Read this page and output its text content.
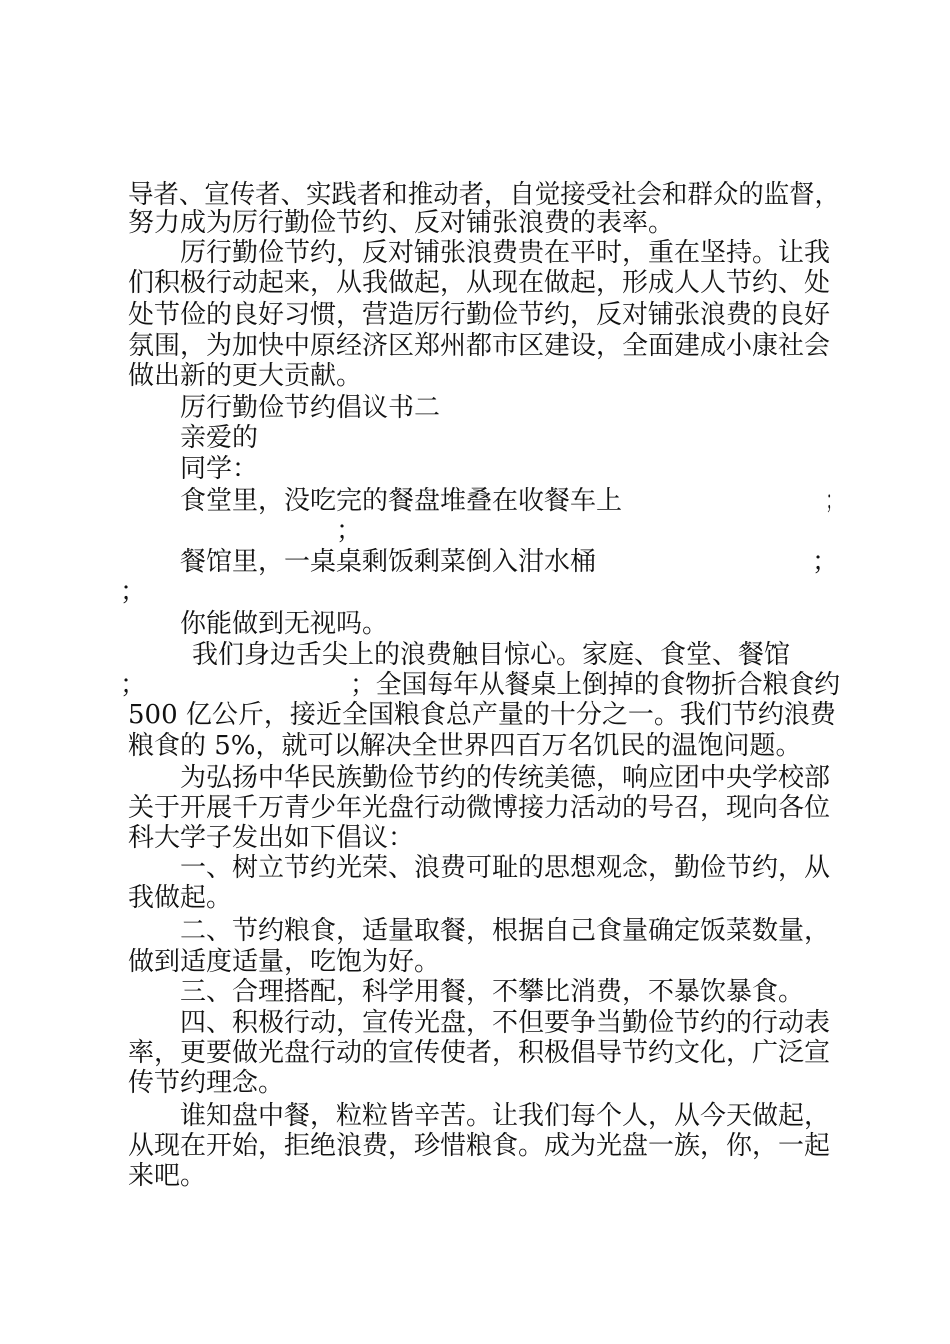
导者、宣传者、实践者和推动者，自觉接受社会和群众的监督，
努力成为厉行勤俭节约、反对铺张浪费的表率。
厉行勤俭节约，反对铺张浪费贵在平时，重在坚持。让我
们积极行动起来，从我做起，从现在做起，形成人人节约、处
处节俭的良好习惯，营造厉行勤俭节约，反对铺张浪费的良好
氛围，为加快中原经济区郑州都市区建设，全面建成小康社会
做出新的更大贡献。
厉行勤俭节约倡议书二
亲爱的
同学：
食堂里，没吃完的餐盘堆叠在收餐车上	；
；
餐馆里，一桌桌剩饭剩菜倒入泔水桶	；
；
你能做到无视吗。
我们身边舌尖上的浪费触目惊心。家庭、食堂、餐馆
；	；全国每年从餐桌上倒掉的食物折合粮食约
500 亿公斤，接近全国粮食总产量的十分之一。我们节约浪费
粮食的 5%，就可以解决全世界四百万名饥民的温饱问题。
为弘扬中华民族勤俭节约的传统美德，响应团中央学校部
关于开展千万青少年光盘行动微博接力活动的号召，现向各位
科大学子发出如下倡议：
一、树立节约光荣、浪费可耻的思想观念，勤俭节约，从
我做起。
二、节约粮食，适量取餐，根据自己食量确定饭菜数量，
做到适度适量，吃饱为好。
三、合理搭配，科学用餐，不攀比消费，不暴饮暴食。
四、积极行动，宣传光盘，不但要争当勤俭节约的行动表
率，更要做光盘行动的宣传使者，积极倡导节约文化，广泛宣
传节约理念。
谁知盘中餐，粒粒皆辛苦。让我们每个人，从今天做起，
从现在开始，拒绝浪费，珍惜粮食。成为光盘一族，你，一起
来吧。
